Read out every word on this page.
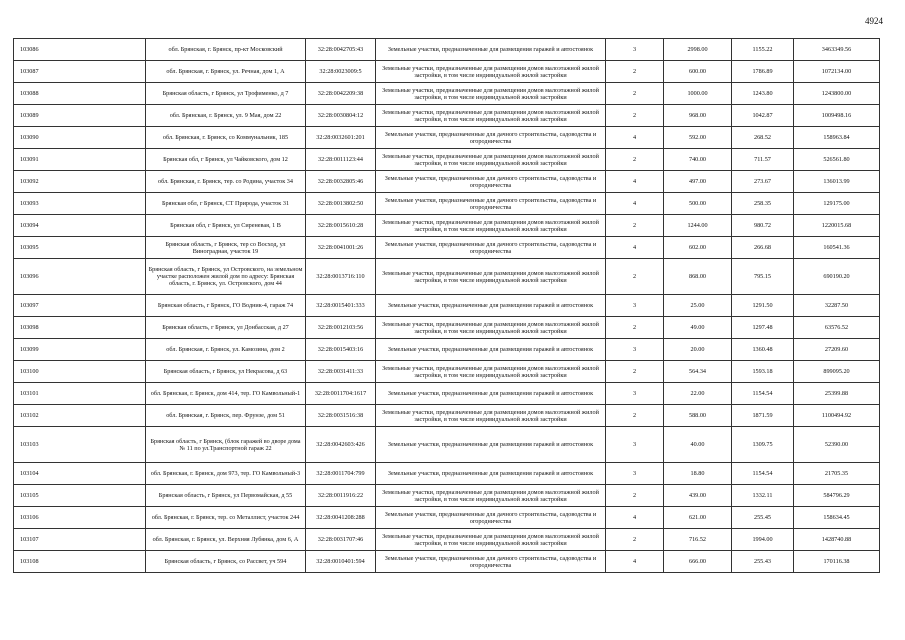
4924
103086	обл. Брянская, г. Брянск, пр-кт Московский	32:28:0042705:43	Земельные участки, предназначенные для размещения гаражей и автостоянок	3	2998.00	1155.22	3463349.56
103087	обл. Брянская, г. Брянск, ул. Речная, дом 1, А	32:28:0023009:5	Земельные участки, предназначенные для размещения домов малоэтажной жилой застройки, в том числе индивидуальной жилой застройки	2	600.00	1786.89	1072134.00
103088	Брянская область, г Брянск, ул Трофименко, д 7	32:28:0042209:38	Земельные участки, предназначенные для размещения домов малоэтажной жилой застройки, в том числе индивидуальной жилой застройки	2	1000.00	1243.80	1243800.00
103089	обл. Брянская, г. Брянск, ул. 9 Мая, дом 22	32:28:0030804:12	Земельные участки, предназначенные для размещения домов малоэтажной жилой застройки, в том числе индивидуальной жилой застройки	2	968.00	1042.87	1009498.16
103090	обл. Брянская, г. Брянск, со Коммунальник, 185	32:28:0032601:201	Земельные участки, предназначенные для дачного строительства, садоводства и огородничества	4	592.00	268.52	158963.84
103091	Брянская обл, г Брянск, ул Чайковского, дом 12	32:28:0011123:44	Земельные участки, предназначенные для размещения домов малоэтажной жилой застройки, в том числе индивидуальной жилой застройки	2	740.00	711.57	526561.80
103092	обл. Брянская, г. Брянск, тер. со Родина, участок 34	32:28:0032805:46	Земельные участки, предназначенные для дачного строительства, садоводства и огородничества	4	497.00	273.67	136013.99
103093	Брянская обл, г Брянск, СТ Природа, участок 31	32:28:0013802:50	Земельные участки, предназначенные для дачного строительства, садоводства и огородничества	4	500.00	258.35	129175.00
103094	Брянская обл, г Брянск, ул Сиреневая, 1 В	32:28:0015610:28	Земельные участки, предназначенные для размещения домов малоэтажной жилой застройки, в том числе индивидуальной жилой застройки	2	1244.00	980.72	1220015.68
103095	Брянская область, г Брянск, тер со Восход, ул Виноградная, участок 19	32:28:0041001:26	Земельные участки, предназначенные для дачного строительства, садоводства и огородничества	4	602.00	266.68	160541.36
103096	Брянская область, г Брянск, ул Островского, на земельном участке расположен жилой дом по адресу: Брянская область, г. Брянск, ул. Островского, дом 44	32:28:0013716:110	Земельные участки, предназначенные для размещения домов малоэтажной жилой застройки, в том числе индивидуальной жилой застройки	2	868.00	795.15	690190.20
103097	Брянская область, г Брянск, ГО Водник-4, гараж 74	32:28:0015401:333	Земельные участки, предназначенные для размещения гаражей и автостоянок	3	25.00	1291.50	32287.50
103098	Брянская область, г Брянск, ул Донбасская, д 27	32:28:0012103:56	Земельные участки, предназначенные для размещения домов малоэтажной жилой застройки, в том числе индивидуальной жилой застройки	2	49.00	1297.48	63576.52
103099	обл. Брянская, г. Брянск, ул. Камозина, дом 2	32:28:0015403:16	Земельные участки, предназначенные для размещения гаражей и автостоянок	3	20.00	1360.48	27209.60
103100	Брянская область, г Брянск, ул Некрасова, д 63	32:28:0031411:33	Земельные участки, предназначенные для размещения домов малоэтажной жилой застройки, в том числе индивидуальной жилой застройки	2	564.34	1593.18	899095.20
103101	обл. Брянская, г. Брянск, дом 414, тер. ГО Камвольный-1	32:28:0011704:1617	Земельные участки, предназначенные для размещения гаражей и автостоянок	3	22.00	1154.54	25399.88
103102	обл. Брянская, г. Брянск, пер. Фрунзе, дом 51	32:28:0031516:38	Земельные участки, предназначенные для размещения домов малоэтажной жилой застройки, в том числе индивидуальной жилой застройки	2	588.00	1871.59	1100494.92
103103	Брянская область, г Брянск, (блок гаражей во дворе дома № 11 по ул.Транспортной гараж 22	32:28:0042603:426	Земельные участки, предназначенные для размещения гаражей и автостоянок	3	40.00	1309.75	52390.00
103104	обл. Брянская, г. Брянск, дом 973, тер. ГО Камвольный-3	32:28:0011704:799	Земельные участки, предназначенные для размещения гаражей и автостоянок	3	18.80	1154.54	21705.35
103105	Брянская область, г Брянск, ул Первомайская, д 55	32:28:0011916:22	Земельные участки, предназначенные для размещения домов малоэтажной жилой застройки, в том числе индивидуальной жилой застройки	2	439.00	1332.11	584796.29
103106	обл. Брянская, г. Брянск, тер. со Металлист, участок 244	32:28:0041208:288	Земельные участки, предназначенные для дачного строительства, садоводства и огородничества	4	621.00	255.45	158634.45
103107	обл. Брянская, г. Брянск, ул. Верхняя Лубянка, дом 6, А	32:28:0031707:46	Земельные участки, предназначенные для размещения домов малоэтажной жилой застройки, в том числе индивидуальной жилой застройки	2	716.52	1994.00	1428740.88
103108	Брянская область, г Брянск, со Рассвет, уч 594	32:28:0010401:594	Земельные участки, предназначенные для дачного строительства, садоводства и огородничества	4	666.00	255.43	170116.38
